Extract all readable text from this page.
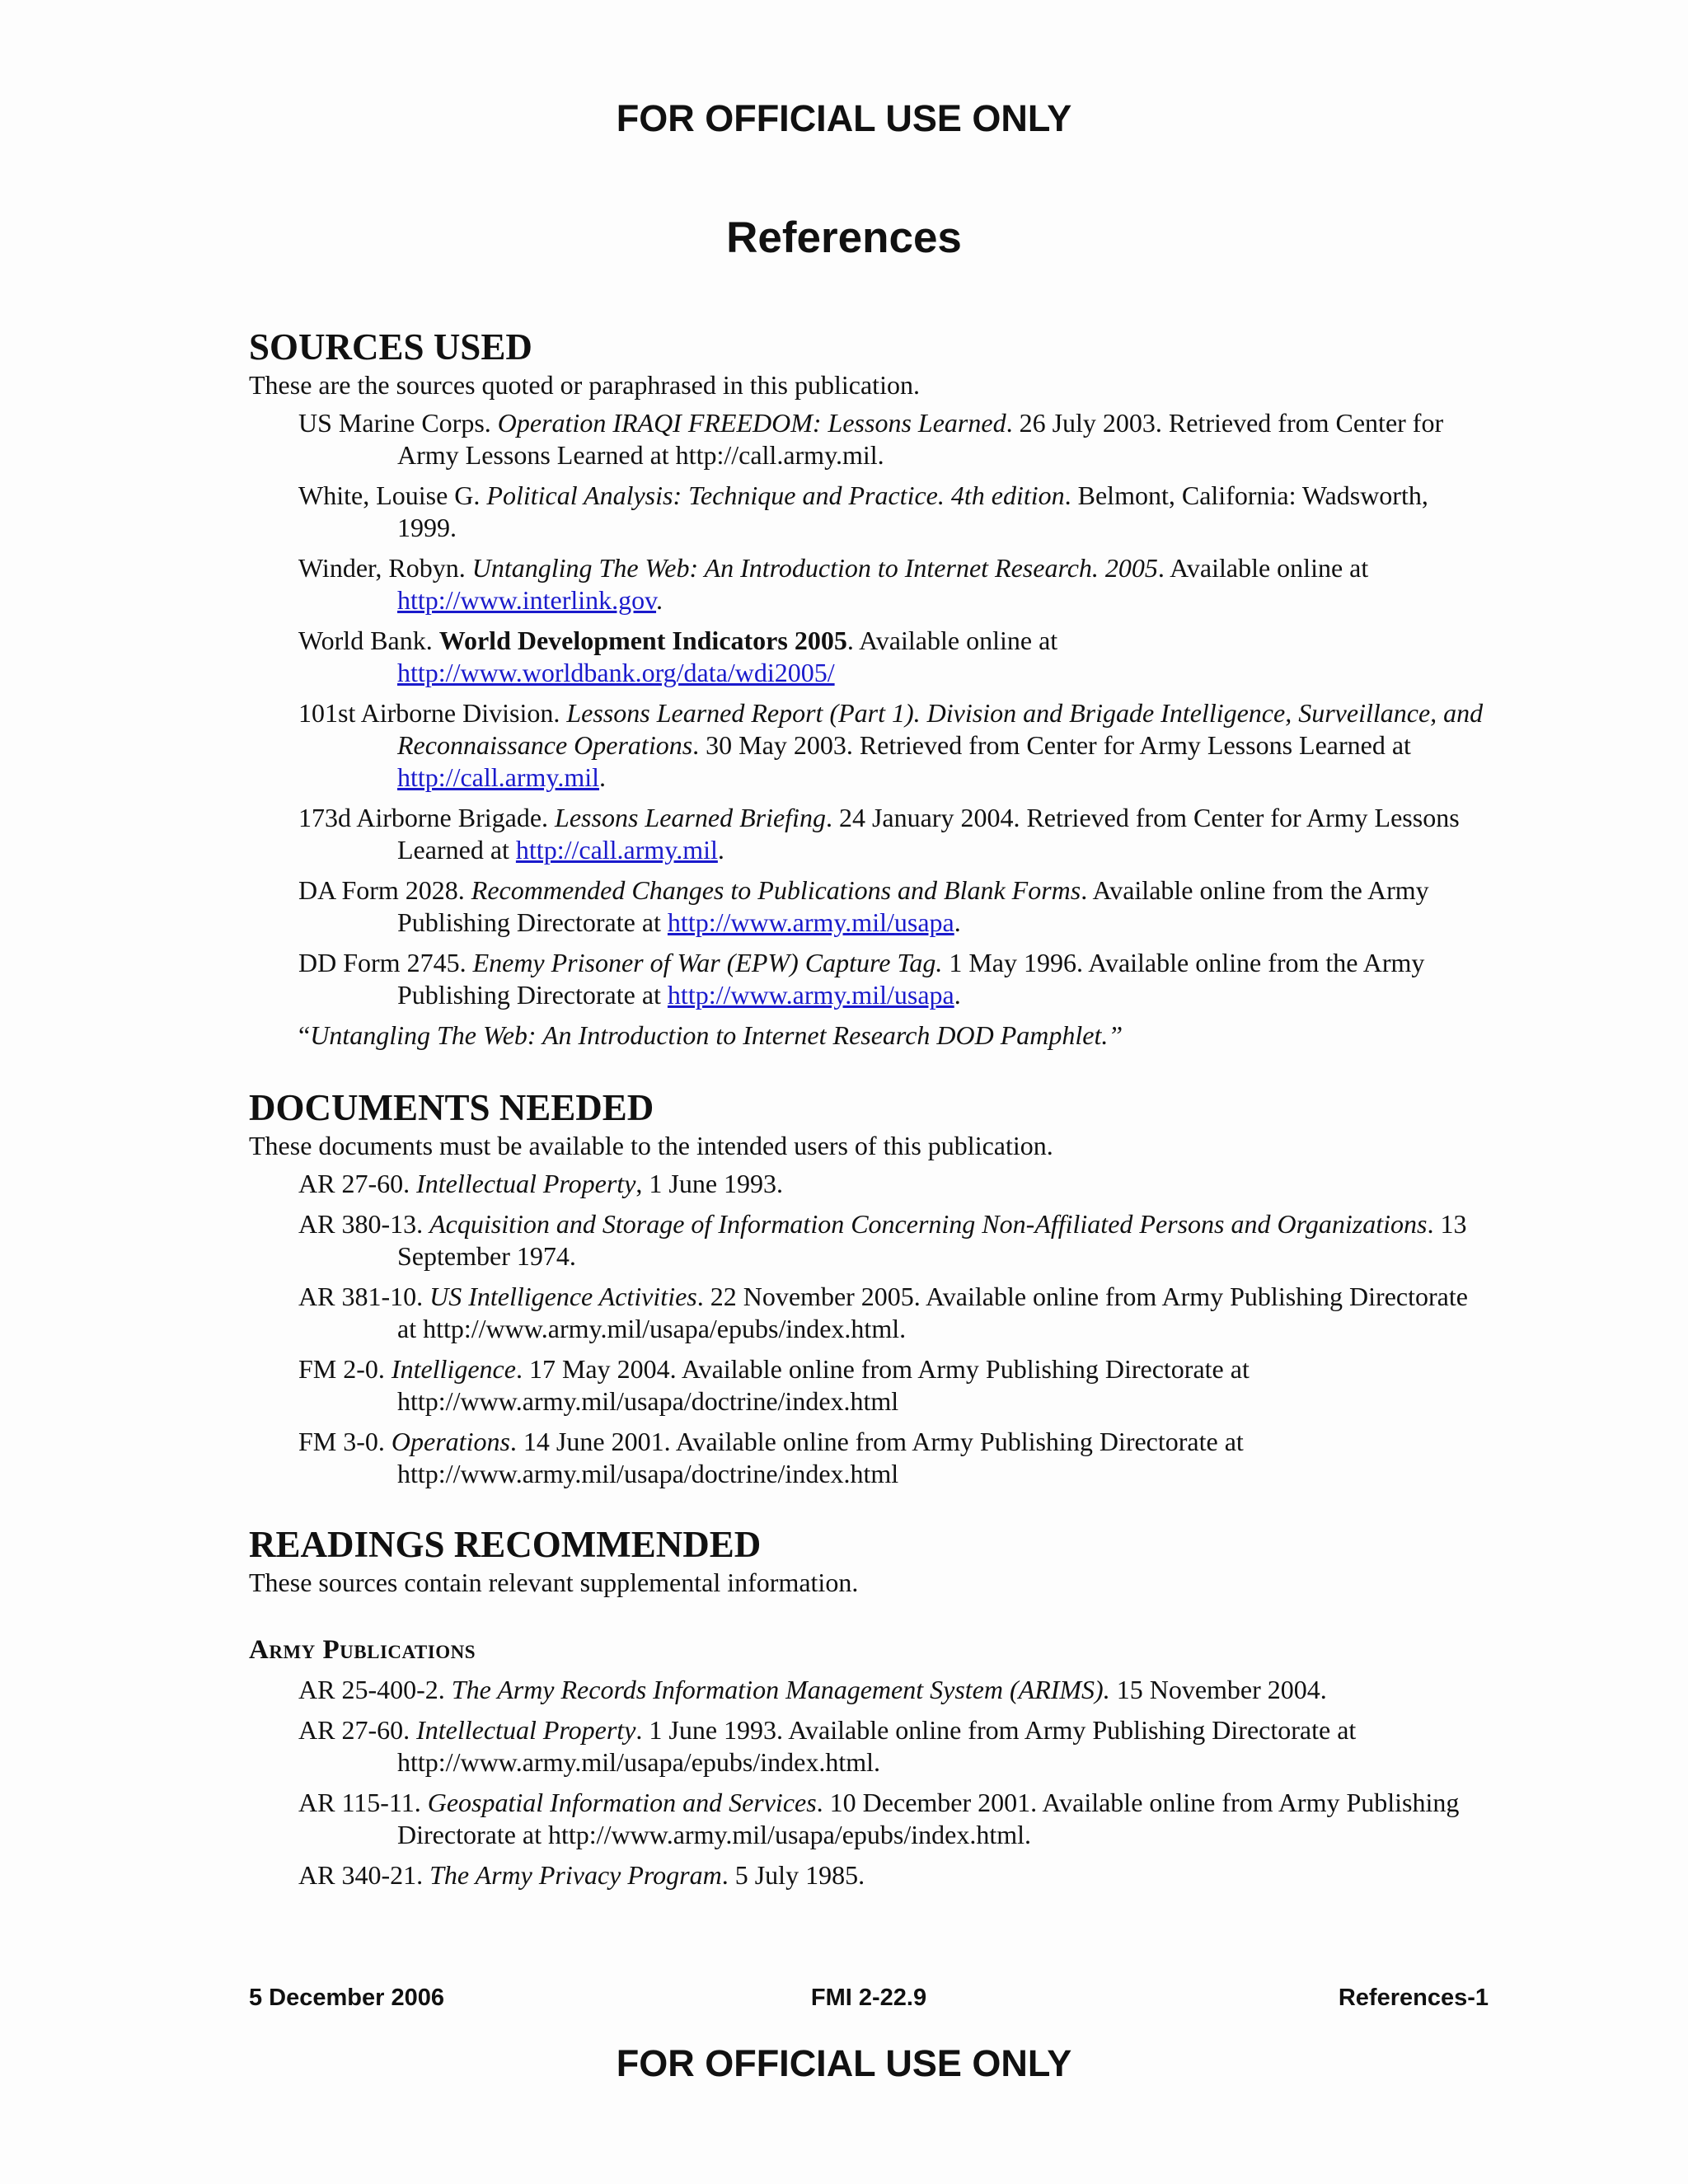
FOR OFFICIAL USE ONLY
References
SOURCES USED

These are the sources quoted or paraphrased in this publication.

US Marine Corps. Operation IRAQI FREEDOM: Lessons Learned. 26 July 2003. Retrieved from Center for Army Lessons Learned at http://call.army.mil.

White, Louise G. Political Analysis: Technique and Practice. 4th edition. Belmont, California: Wadsworth, 1999.

Winder, Robyn. Untangling The Web: An Introduction to Internet Research. 2005. Available online at http://www.interlink.gov.

World Bank. World Development Indicators 2005. Available online at http://www.worldbank.org/data/wdi2005/

101st Airborne Division. Lessons Learned Report (Part 1). Division and Brigade Intelligence, Surveillance, and Reconnaissance Operations. 30 May 2003. Retrieved from Center for Army Lessons Learned at http://call.army.mil.

173d Airborne Brigade. Lessons Learned Briefing. 24 January 2004. Retrieved from Center for Army Lessons Learned at http://call.army.mil.

DA Form 2028. Recommended Changes to Publications and Blank Forms. Available online from the Army Publishing Directorate at http://www.army.mil/usapa.

DD Form 2745. Enemy Prisoner of War (EPW) Capture Tag. 1 May 1996. Available online from the Army Publishing Directorate at http://www.army.mil/usapa.

“Untangling The Web: An Introduction to Internet Research DOD Pamphlet.”

DOCUMENTS NEEDED

These documents must be available to the intended users of this publication.

AR 27-60. Intellectual Property, 1 June 1993.

AR 380-13. Acquisition and Storage of Information Concerning Non-Affiliated Persons and Organizations. 13 September 1974.

AR 381-10. US Intelligence Activities. 22 November 2005. Available online from Army Publishing Directorate at http://www.army.mil/usapa/epubs/index.html.

FM 2-0. Intelligence. 17 May 2004. Available online from Army Publishing Directorate at http://www.army.mil/usapa/doctrine/index.html

FM 3-0. Operations. 14 June 2001. Available online from Army Publishing Directorate at http://www.army.mil/usapa/doctrine/index.html

READINGS RECOMMENDED

These sources contain relevant supplemental information.

Army Publications

AR 25-400-2. The Army Records Information Management System (ARIMS). 15 November 2004.

AR 27-60. Intellectual Property. 1 June 1993. Available online from Army Publishing Directorate at http://www.army.mil/usapa/epubs/index.html.

AR 115-11. Geospatial Information and Services. 10 December 2001. Available online from Army Publishing Directorate at http://www.army.mil/usapa/epubs/index.html.

AR 340-21. The Army Privacy Program. 5 July 1985.

FMI 2-22.9
5 December 2006	References-1
FOR OFFICIAL USE ONLY
